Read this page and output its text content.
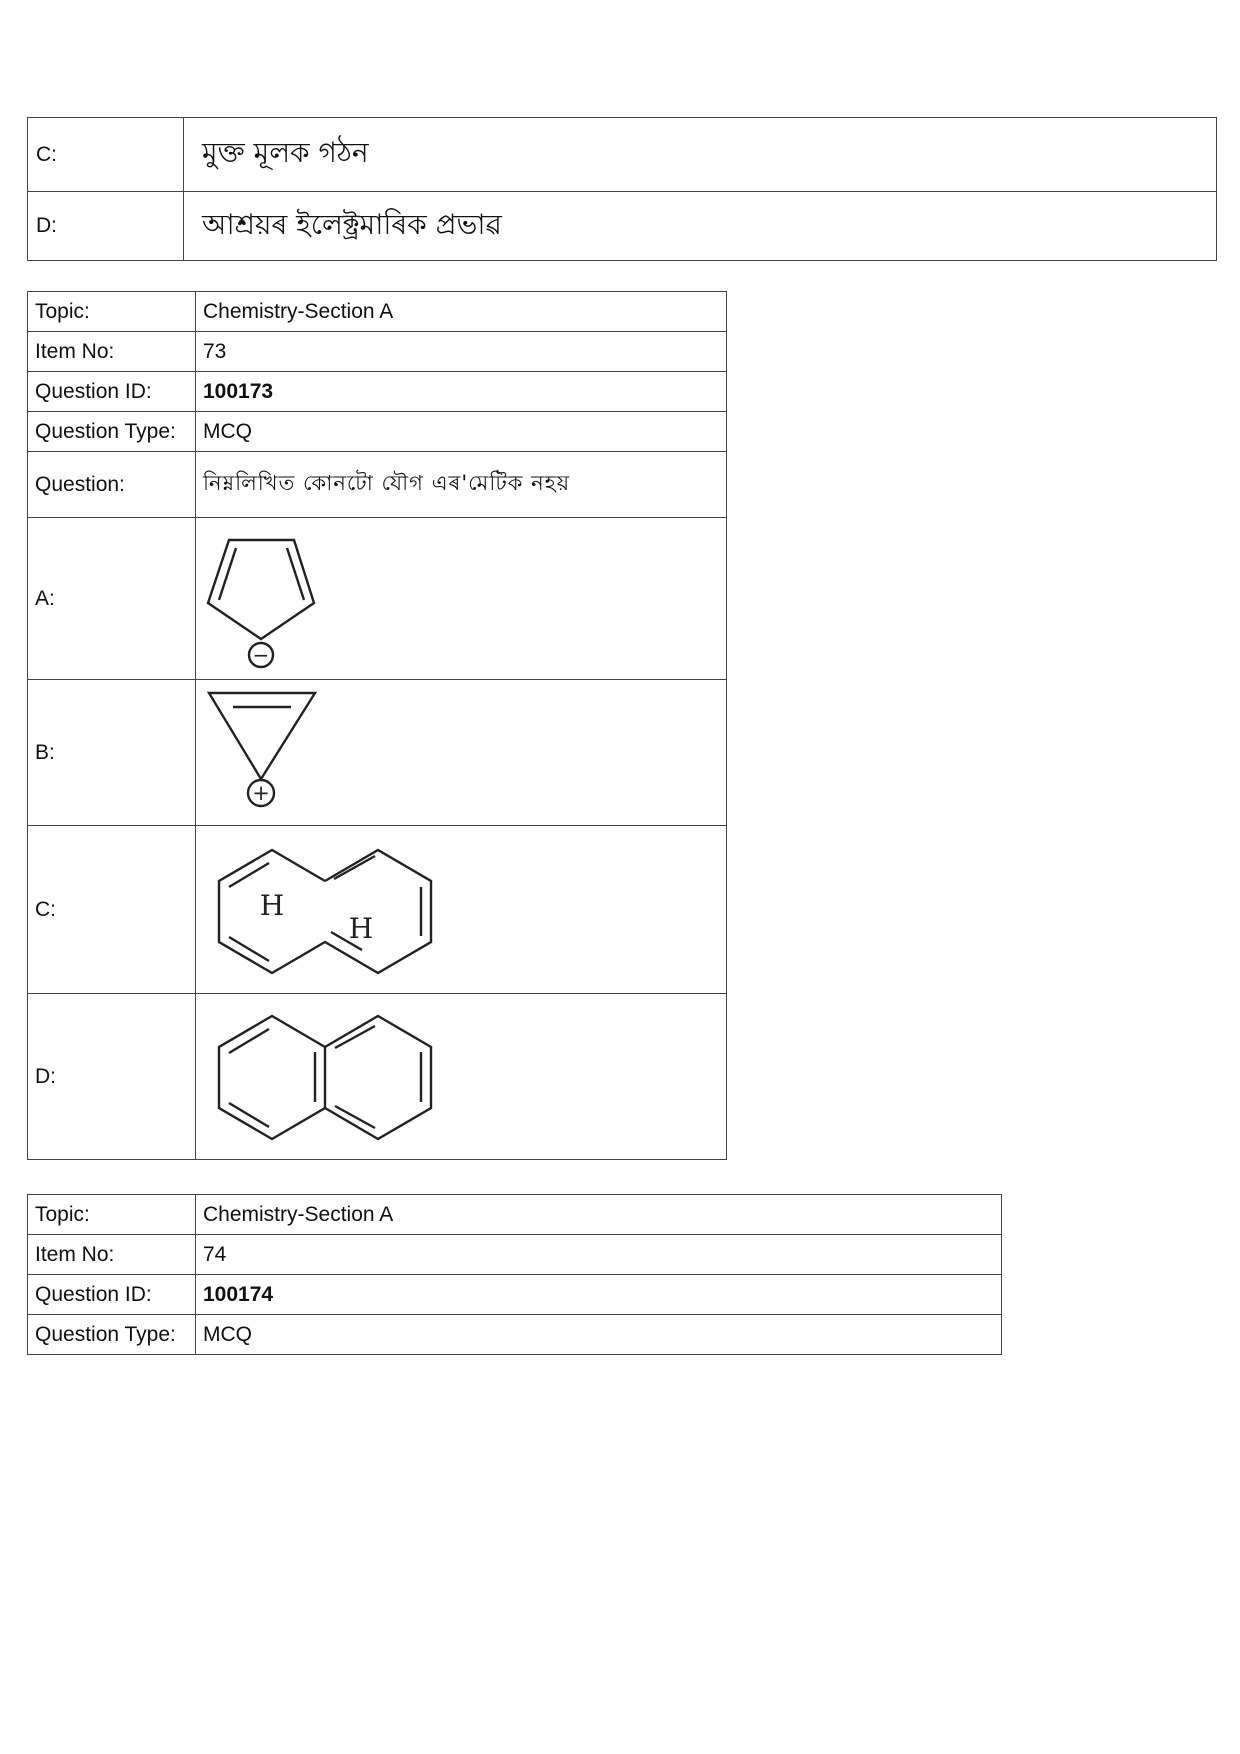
C:	মুক্ত মূলক গঠন
D:	আশ্ৰয়ৰ ইলেক্ট্ৰমাৰিক প্ৰভাৱ
Topic:	Chemistry-Section A
Item No:	73
Question ID:	100173
Question Type:	MCQ
Question:	নিম্নলিখিত কোনটো যৌগ এৰ'মেটিক নহয়
A:	−

B:	+

C:	H
H

D:	
Topic:	Chemistry-Section A
Item No:	74
Question ID:	100174
Question Type:	MCQ
